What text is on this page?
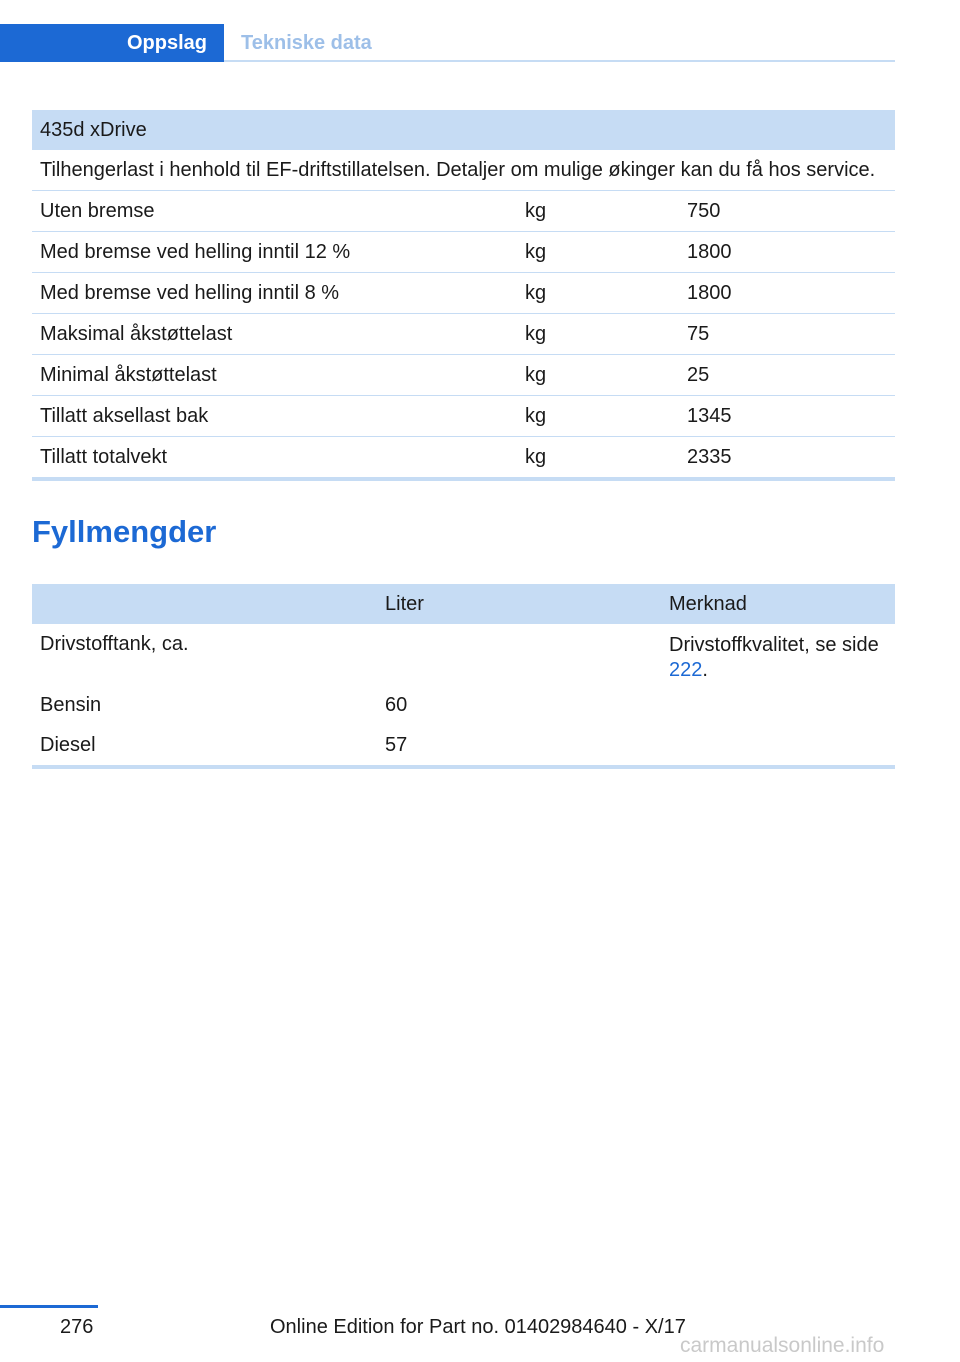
Oppslag	Tekniske data
435d xDrive		
Tilhengerlast i henhold til EF-driftstillatelsen. Detaljer om mulige økinger kan du få hos service.		
Uten bremse	kg	750
Med bremse ved helling inntil 12 %	kg	1800
Med bremse ved helling inntil 8 %	kg	1800
Maksimal åkstøttelast	kg	75
Minimal åkstøttelast	kg	25
Tillatt aksellast bak	kg	1345
Tillatt totalvekt	kg	2335
Fyllmengder
	Liter	Merknad
Drivstofftank, ca.		Drivstoffkvalitet, se side 222.
Bensin	60	
Diesel	57	
276	Online Edition for Part no. 01402984640 - X/17
carmanualsonline.info
